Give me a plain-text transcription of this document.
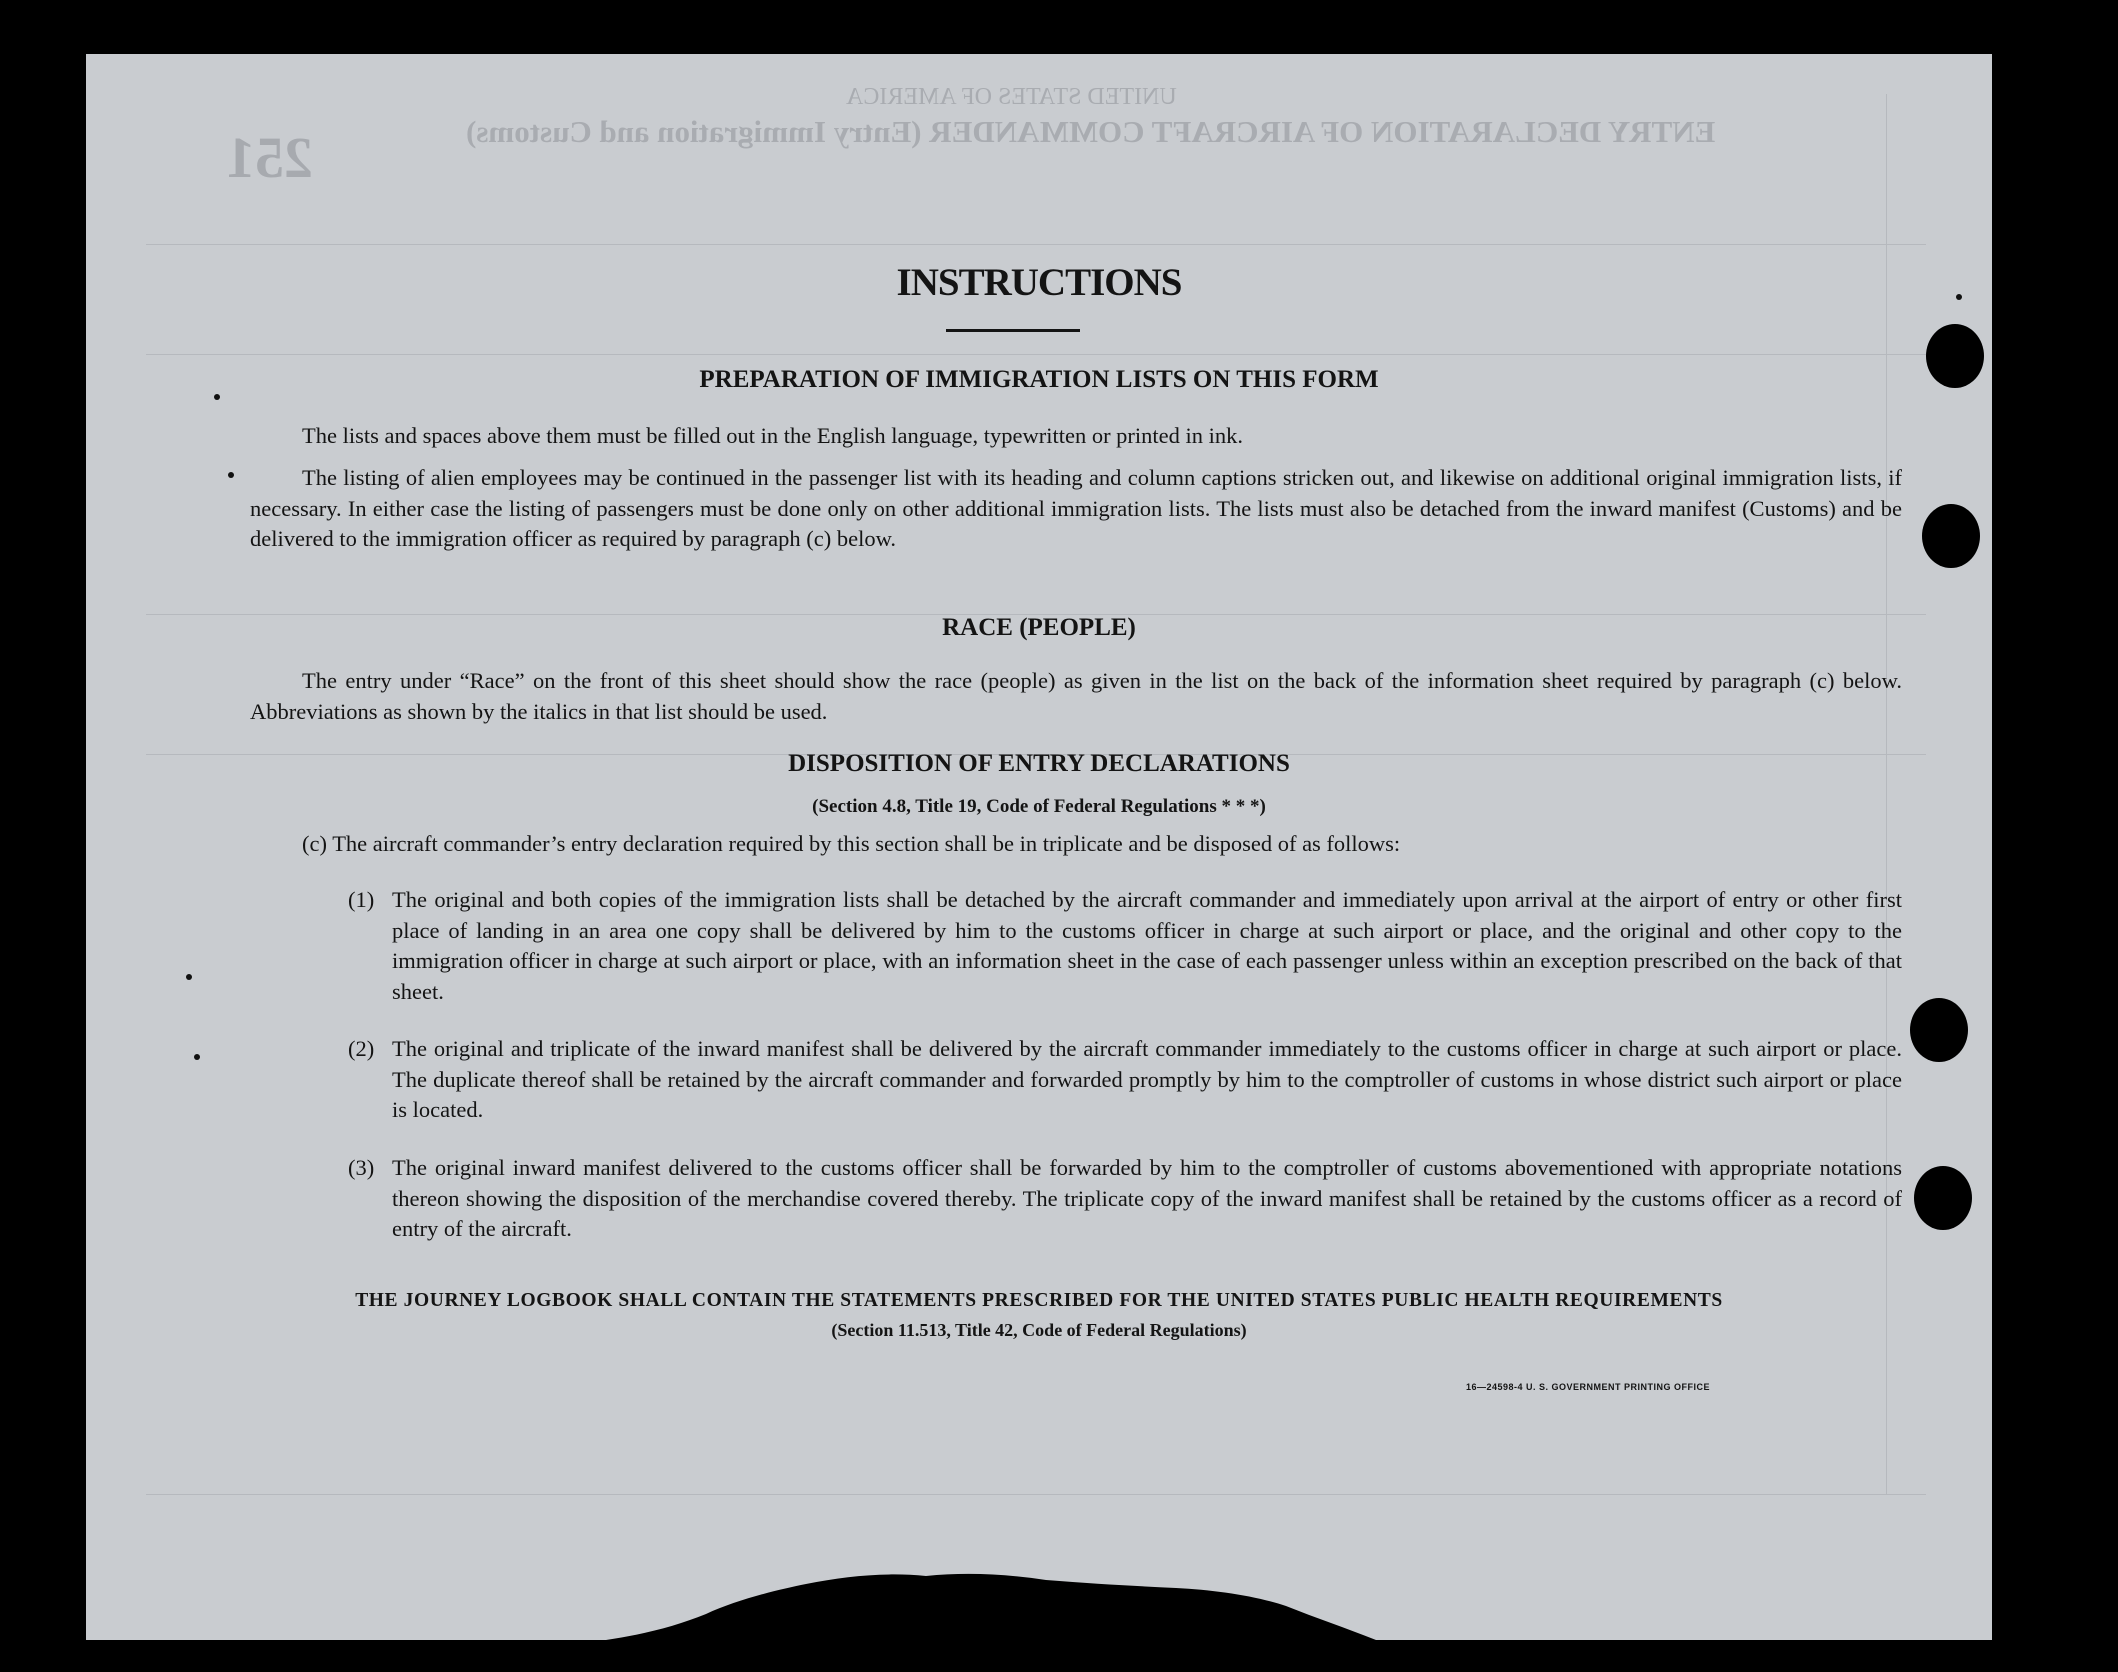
251
UNITED STATES OF AMERICA
ENTRY DECLARATION OF AIRCRAFT COMMANDER (Entry Immigration and Customs)
INSTRUCTIONS
PREPARATION OF IMMIGRATION LISTS ON THIS FORM
The lists and spaces above them must be filled out in the English language, typewritten or printed in ink.
The listing of alien employees may be continued in the passenger list with its heading and column captions stricken out, and likewise on additional original immigration lists, if necessary. In either case the listing of passengers must be done only on other additional immigration lists. The lists must also be detached from the inward manifest (Customs) and be delivered to the immigration officer as required by paragraph (c) below.
RACE (PEOPLE)
The entry under “Race” on the front of this sheet should show the race (people) as given in the list on the back of the information sheet required by paragraph (c) below. Abbreviations as shown by the italics in that list should be used.
DISPOSITION OF ENTRY DECLARATIONS
(Section 4.8, Title 19, Code of Federal Regulations * * *)
(c) The aircraft commander’s entry declaration required by this section shall be in triplicate and be disposed of as follows:
(1) The original and both copies of the immigration lists shall be detached by the aircraft commander and immediately upon arrival at the airport of entry or other first place of landing in an area one copy shall be delivered by him to the customs officer in charge at such airport or place, and the original and other copy to the immigration officer in charge at such airport or place, with an information sheet in the case of each passenger unless within an exception prescribed on the back of that sheet.
(2) The original and triplicate of the inward manifest shall be delivered by the aircraft commander immediately to the customs officer in charge at such airport or place. The duplicate thereof shall be retained by the aircraft commander and forwarded promptly by him to the comptroller of customs in whose district such airport or place is located.
(3) The original inward manifest delivered to the customs officer shall be forwarded by him to the comptroller of customs abovementioned with appropriate notations thereon showing the disposition of the merchandise covered thereby. The triplicate copy of the inward manifest shall be retained by the customs officer as a record of entry of the aircraft.
THE JOURNEY LOGBOOK SHALL CONTAIN THE STATEMENTS PRESCRIBED FOR THE UNITED STATES PUBLIC HEALTH REQUIREMENTS
(Section 11.513, Title 42, Code of Federal Regulations)
16—24598-4 U. S. GOVERNMENT PRINTING OFFICE
